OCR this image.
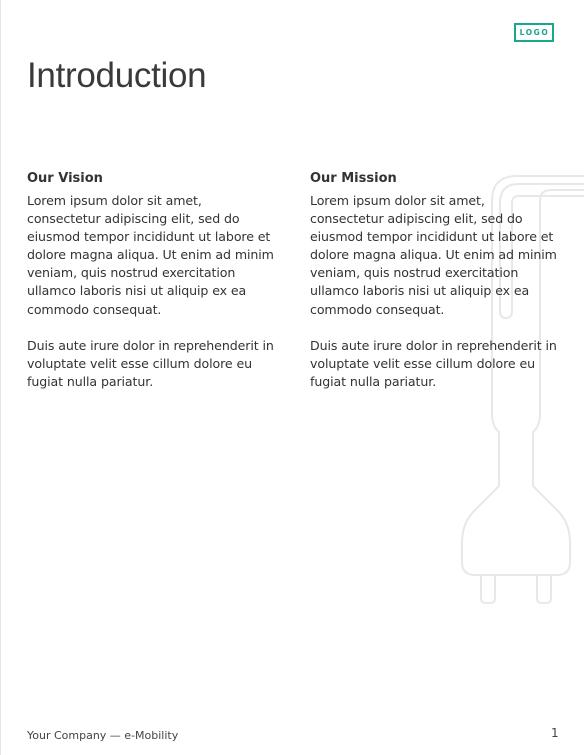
LOGO
Introduction
Our Vision

Lorem ipsum dolor sit amet, consectetur adipiscing elit, sed do eiusmod tempor incididunt ut labore et dolore magna aliqua. Ut enim ad minim veniam, quis nostrud exercitation ullamco laboris nisi ut aliquip ex ea commodo consequat.

Duis aute irure dolor in reprehenderit in voluptate velit esse cillum dolore eu fugiat nulla pariatur.

Our Mission

Lorem ipsum dolor sit amet, consectetur adipiscing elit, sed do eiusmod tempor incididunt ut labore et dolore magna aliqua. Ut enim ad minim veniam, quis nostrud exercitation ullamco laboris nisi ut aliquip ex ea commodo consequat.

Duis aute irure dolor in reprehenderit in voluptate velit esse cillum dolore eu fugiat nulla pariatur.

Your Company — e-Mobility	1
